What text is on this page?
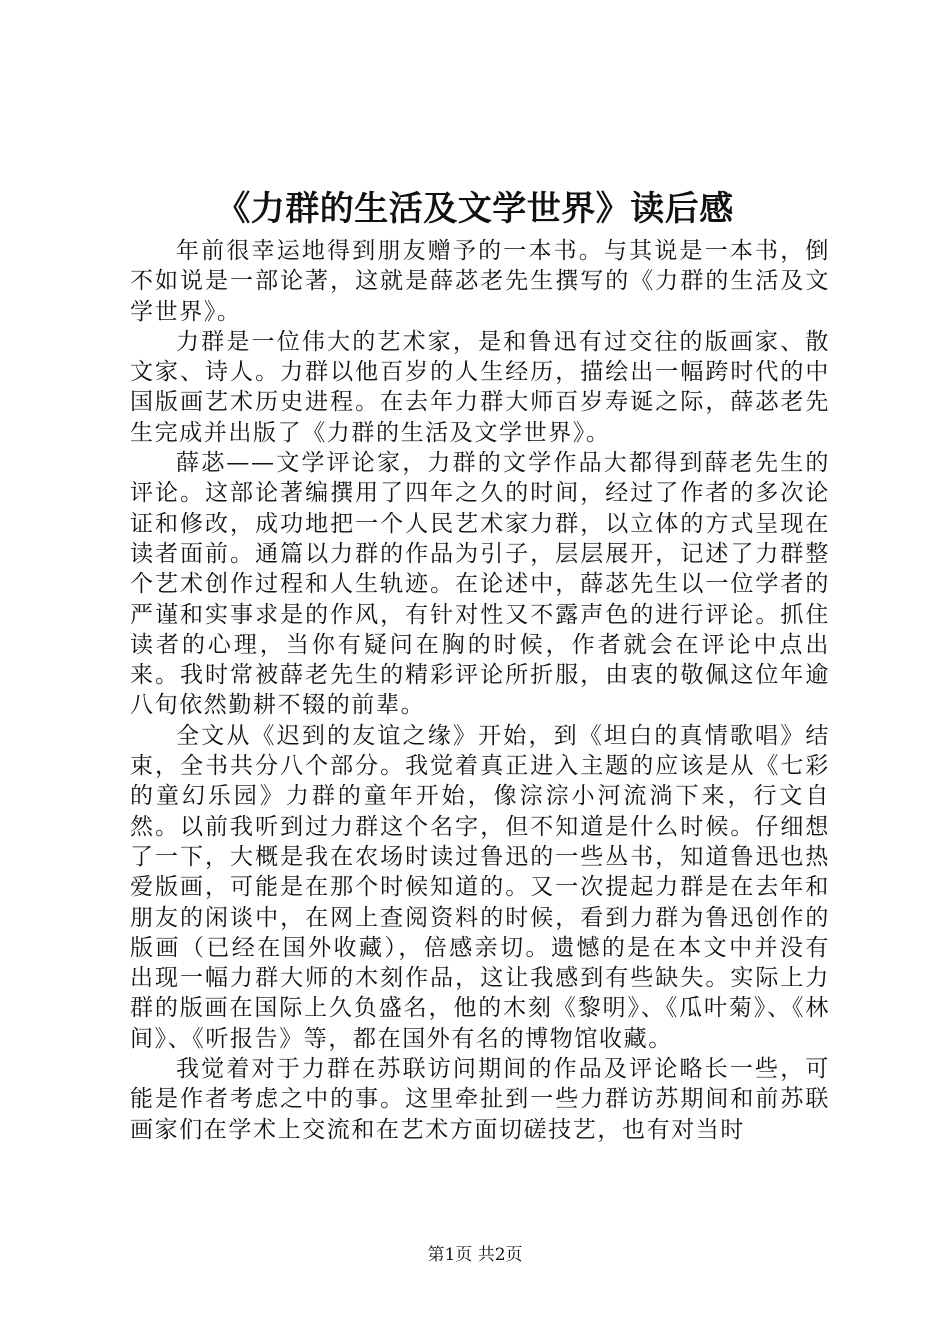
《力群的生活及文学世界》读后感

年前很幸运地得到朋友赠予的一本书。与其说是一本书，倒不如说是一部论著，这就是薛苾老先生撰写的《力群的生活及文学世界》。

力群是一位伟大的艺术家，是和鲁迅有过交往的版画家、散文家、诗人。力群以他百岁的人生经历，描绘出一幅跨时代的中国版画艺术历史进程。在去年力群大师百岁寿诞之际，薛苾老先生完成并出版了《力群的生活及文学世界》。

薛苾——文学评论家，力群的文学作品大都得到薛老先生的评论。这部论著编撰用了四年之久的时间，经过了作者的多次论证和修改，成功地把一个人民艺术家力群，以立体的方式呈现在读者面前。通篇以力群的作品为引子，层层展开，记述了力群整个艺术创作过程和人生轨迹。在论述中，薛苾先生以一位学者的严谨和实事求是的作风，有针对性又不露声色的进行评论。抓住读者的心理，当你有疑问在胸的时候，作者就会在评论中点出来。我时常被薛老先生的精彩评论所折服，由衷的敬佩这位年逾八旬依然勤耕不辍的前辈。

全文从《迟到的友谊之缘》开始，到《坦白的真情歌唱》结束，全书共分八个部分。我觉着真正进入主题的应该是从《七彩的童幻乐园》力群的童年开始，像淙淙小河流淌下来，行文自然。以前我听到过力群这个名字，但不知道是什么时候。仔细想了一下，大概是我在农场时读过鲁迅的一些丛书，知道鲁迅也热爱版画，可能是在那个时候知道的。又一次提起力群是在去年和朋友的闲谈中，在网上查阅资料的时候，看到力群为鲁迅创作的版画（已经在国外收藏），倍感亲切。遗憾的是在本文中并没有出现一幅力群大师的木刻作品，这让我感到有些缺失。实际上力群的版画在国际上久负盛名，他的木刻《黎明》、《瓜叶菊》、《林间》、《听报告》等，都在国外有名的博物馆收藏。

我觉着对于力群在苏联访问期间的作品及评论略长一些，可能是作者考虑之中的事。这里牵扯到一些力群访苏期间和前苏联画家们在学术上交流和在艺术方面切磋技艺，也有对当时

第1页 共2页
